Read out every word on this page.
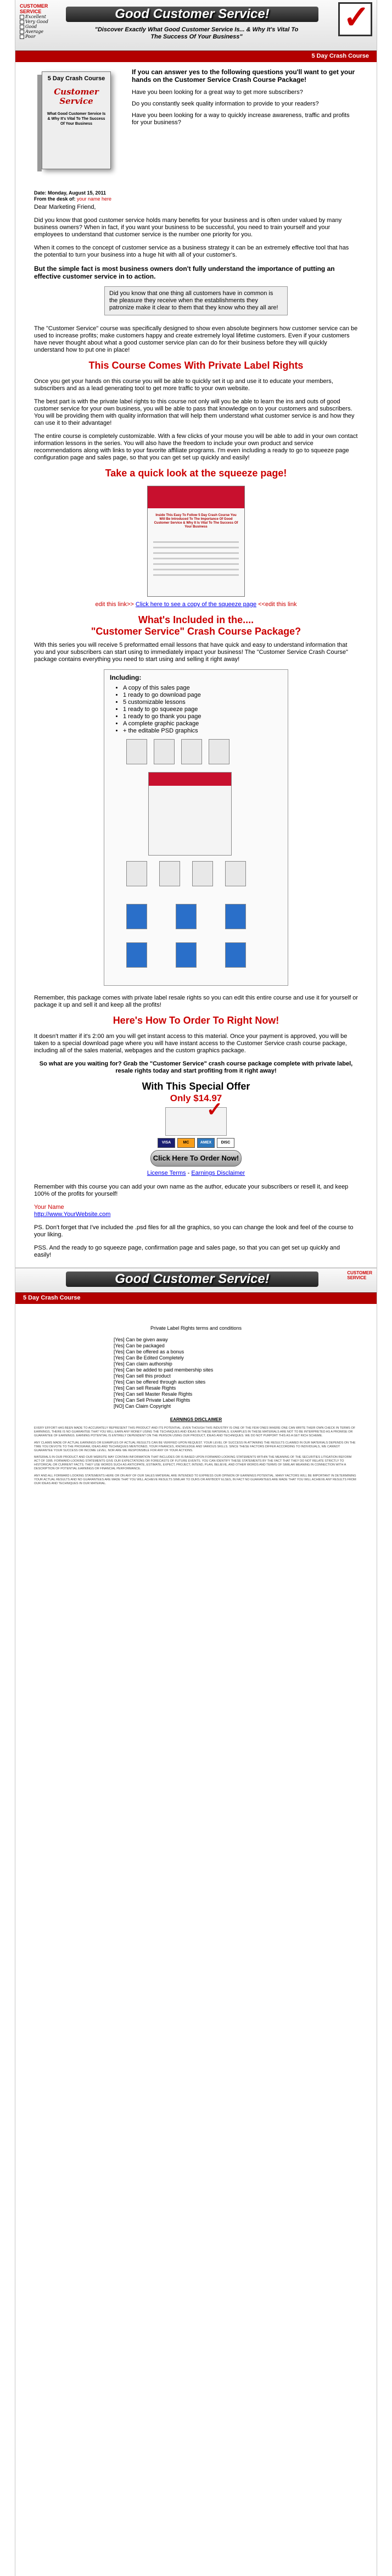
CUSTOMER
SERVICE
Excellent
Very Good
Good
Average
Poor
Good Customer Service!	✓
"Discover Exactly What Good Customer Service Is... & Why It's Vital To The Success Of Your Business"
5 Day Crash Course
5 Day Crash Course
Customer Service
What Good Customer Service Is & Why It's Vital To The Success Of Your Business
If you can answer yes to the following questions you'll want to get your hands on the Customer Service Crash Course Package!

Have you been looking for a great way to get more subscribers?

Do you constantly seek quality information to provide to your readers?

Have you been looking for a way to quickly increase awareness, traffic and profits for your business?

Date: Monday, August 15, 2011
From the desk of: your name here

Dear Marketing Friend,

Did you know that good customer service holds many benefits for your business and is often under valued by many business owners? When in fact, if you want your business to be successful, you need to train yourself and your employees to understand that customer service is the number one priority for you.

When it comes to the concept of customer service as a business strategy it can be an extremely effective tool that has the potential to turn your business into a huge hit with all of your customer's.

But the simple fact is most business owners don't fully understand the importance of putting an effective customer service in to action.

Did you know that one thing all customers have in common is the pleasure they receive when the establishments they patronize make it clear to them that they know who they all are!

The "Customer Service" course was specifically designed to show even absolute beginners how customer service can be used to increase profits; make customers happy and create extremely loyal lifetime customers. Even if your customers have never thought about what a good customer service plan can do for their business before they will quickly understand how to put one in place!

This Course Comes With Private Label Rights

Once you get your hands on this course you will be able to quickly set it up and use it to educate your members, subscribers and as a lead generating tool to get more traffic to your own website.

The best part is with the private label rights to this course not only will you be able to learn the ins and outs of good customer service for your own business, you will be able to pass that knowledge on to your customers and subscribers. You will be providing them with quality information that will help them understand what customer service is and how they can use it to their advantage!

The entire course is completely customizable. With a few clicks of your mouse you will be able to add in your own contact information lessons in the series. You will also have the freedom to include your own product and service recommendations along with links to your favorite affiliate programs. I'm even including a ready to go to squeeze page configuration page and sales page, so that you can get set up quickly and easily!

Take a quick look at the squeeze page!
Inside This Easy To Follow 5 Day Crash Course You Will Be Introduced To The Importance Of Good Customer Service & Why It Is Vital To The Success Of Your Business

edit this link>> Click here to see a copy of the squeeze page <<edit this link

What's Included in the....
"Customer Service" Crash Course Package?

With this series you will receive 5 preformatted email lessons that have quick and easy to understand information that you and your subscribers can start using to immediately impact your business! The "Customer Service Crash Course" package contains everything you need to start using and selling it right away!

Including:
• A copy of this sales page
• 1 ready to go download page
• 5 customizable lessons
• 1 ready to go squeeze page
• 1 ready to go thank you page
• A complete graphic package
• + the editable PSD graphics

Remember, this package comes with private label resale rights so you can edit this entire course and use it for yourself or package it up and sell it and keep all the profits!

Here's How To Order To Right Now!

It doesn't matter if it's 2:00 am you will get instant access to this material. Once your payment is approved, you will be taken to a special download page where you will have instant access to the Customer Service crash course package, including all of the sales material, webpages and the custom graphics package.

So what are you waiting for? Grab the "Customer Service" crash course package complete with private label, resale rights today and start profiting from it right away!

With This Special Offer
Only $14.97
✓
VISA	MC	AMEX	DISC
Click Here To Order Now!
License Terms - Earnings Disclaimer

Remember with this course you can add your own name as the author, educate your subscribers or resell it, and keep 100% of the profits for yourself!

Your Name
http://www.YourWebsite.com

PS. Don't forget that I've included the .psd files for all the graphics, so you can change the look and feel of the course to your liking.

PSS. And the ready to go squeeze page, confirmation page and sales page, so that you can get set up quickly and easily!

Good Customer Service!	CUSTOMER
SERVICE
5 Day Crash Course
Private Label Rights terms and conditions
[Yes] Can be given away
[Yes] Can be packaged
[Yes] Can be offered as a bonus
[Yes] Can Be Edited Completely
[Yes] Can claim authorship
[Yes] Can be added to paid membership sites
[Yes] Can sell this product
[Yes] Can be offered through auction sites
[Yes] Can sell Resale Rights
[Yes] Can sell Master Resale Rights
[Yes] Can Sell Private Label Rights
[NO] Can Claim Copyright
EARNINGS DISCLAIMER

EVERY EFFORT HAS BEEN MADE TO ACCURATELY REPRESENT THIS PRODUCT AND ITS POTENTIAL. EVEN THOUGH THIS INDUSTRY IS ONE OF THE FEW ONES WHERE ONE CAN WRITE THEIR OWN CHECK IN TERMS OF EARNINGS, THERE IS NO GUARANTEE THAT YOU WILL EARN ANY MONEY USING THE TECHNIQUES AND IDEAS IN THESE MATERIALS. EXAMPLES IN THESE MATERIALS ARE NOT TO BE INTERPRETED AS A PROMISE OR GUARANTEE OF EARNINGS. EARNING POTENTIAL IS ENTIRELY DEPENDENT ON THE PERSON USING OUR PRODUCT, IDEAS AND TECHNIQUES. WE DO NOT PURPORT THIS AS A GET RICH SCHEME.

ANY CLAIMS MADE OF ACTUAL EARNINGS OR EXAMPLES OF ACTUAL RESULTS CAN BE VERIFIED UPON REQUEST. YOUR LEVEL OF SUCCESS IN ATTAINING THE RESULTS CLAIMED IN OUR MATERIALS DEPENDS ON THE TIME YOU DEVOTE TO THE PROGRAM, IDEAS AND TECHNIQUES MENTIONED, YOUR FINANCES, KNOWLEDGE AND VARIOUS SKILLS. SINCE THESE FACTORS DIFFER ACCORDING TO INDIVIDUALS, WE CANNOT GUARANTEE YOUR SUCCESS OR INCOME LEVEL. NOR ARE WE RESPONSIBLE FOR ANY OF YOUR ACTIONS.

MATERIALS IN OUR PRODUCT AND OUR WEBSITE MAY CONTAIN INFORMATION THAT INCLUDES OR IS BASED UPON FORWARD-LOOKING STATEMENTS WITHIN THE MEANING OF THE SECURITIES LITIGATION REFORM ACT OF 1995. FORWARD-LOOKING STATEMENTS GIVE OUR EXPECTATIONS OR FORECASTS OF FUTURE EVENTS. YOU CAN IDENTIFY THESE STATEMENTS BY THE FACT THAT THEY DO NOT RELATE STRICTLY TO HISTORICAL OR CURRENT FACTS. THEY USE WORDS SUCH AS ANTICIPATE, ESTIMATE, EXPECT, PROJECT, INTEND, PLAN, BELIEVE, AND OTHER WORDS AND TERMS OF SIMILAR MEANING IN CONNECTION WITH A DESCRIPTION OF POTENTIAL EARNINGS OR FINANCIAL PERFORMANCE.

ANY AND ALL FORWARD LOOKING STATEMENTS HERE OR ON ANY OF OUR SALES MATERIAL ARE INTENDED TO EXPRESS OUR OPINION OF EARNINGS POTENTIAL. MANY FACTORS WILL BE IMPORTANT IN DETERMINING YOUR ACTUAL RESULTS AND NO GUARANTEES ARE MADE THAT YOU WILL ACHIEVE RESULTS SIMILAR TO OURS OR ANYBODY ELSES, IN FACT NO GUARANTEES ARE MADE THAT YOU WILL ACHIEVE ANY RESULTS FROM OUR IDEAS AND TECHNIQUES IN OUR MATERIAL.
